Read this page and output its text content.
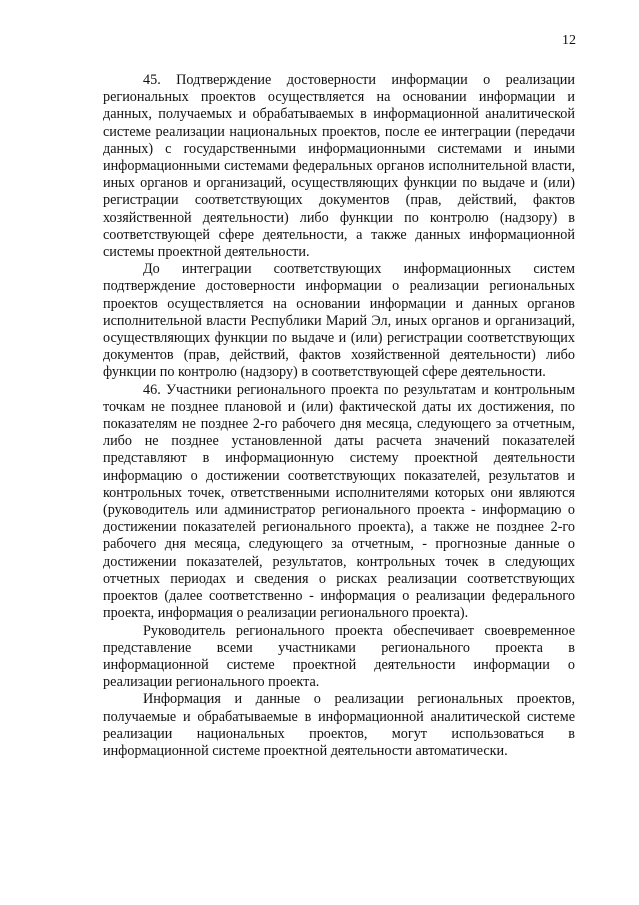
12

45. Подтверждение достоверности информации о реализации региональных проектов осуществляется на основании информации и данных, получаемых и обрабатываемых в информационной аналитической системе реализации национальных проектов, после ее интеграции (передачи данных) с государственными информационными системами и иными информационными системами федеральных органов исполнительной власти, иных органов и организаций, осуществляющих функции по выдаче и (или) регистрации соответствующих документов (прав, действий, фактов хозяйственной деятельности) либо функции по контролю (надзору) в соответствующей сфере деятельности, а также данных информационной системы проектной деятельности.

До интеграции соответствующих информационных систем подтверждение достоверности информации о реализации региональных проектов осуществляется на основании информации и данных органов исполнительной власти Республики Марий Эл, иных органов и организаций, осуществляющих функции по выдаче и (или) регистрации соответствующих документов (прав, действий, фактов хозяйственной деятельности) либо функции по контролю (надзору) в соответствующей сфере деятельности.

46. Участники регионального проекта по результатам и контрольным точкам не позднее плановой и (или) фактической даты их достижения, по показателям не позднее 2-го рабочего дня месяца, следующего за отчетным, либо не позднее установленной даты расчета значений показателей представляют в информационную систему проектной деятельности информацию о достижении соответствующих показателей, результатов и контрольных точек, ответственными исполнителями которых они являются (руководитель или администратор регионального проекта - информацию о достижении показателей регионального проекта), а также не позднее 2-го рабочего дня месяца, следующего за отчетным, - прогнозные данные о достижении показателей, результатов, контрольных точек в следующих отчетных периодах и сведения о рисках реализации соответствующих проектов (далее соответственно - информация о реализации федерального проекта, информация о реализации регионального проекта).

Руководитель регионального проекта обеспечивает своевременное представление всеми участниками регионального проекта в информационной системе проектной деятельности информации о реализации регионального проекта.

Информация и данные о реализации региональных проектов, получаемые и обрабатываемые в информационной аналитической системе реализации национальных проектов, могут использоваться в информационной системе проектной деятельности автоматически.
